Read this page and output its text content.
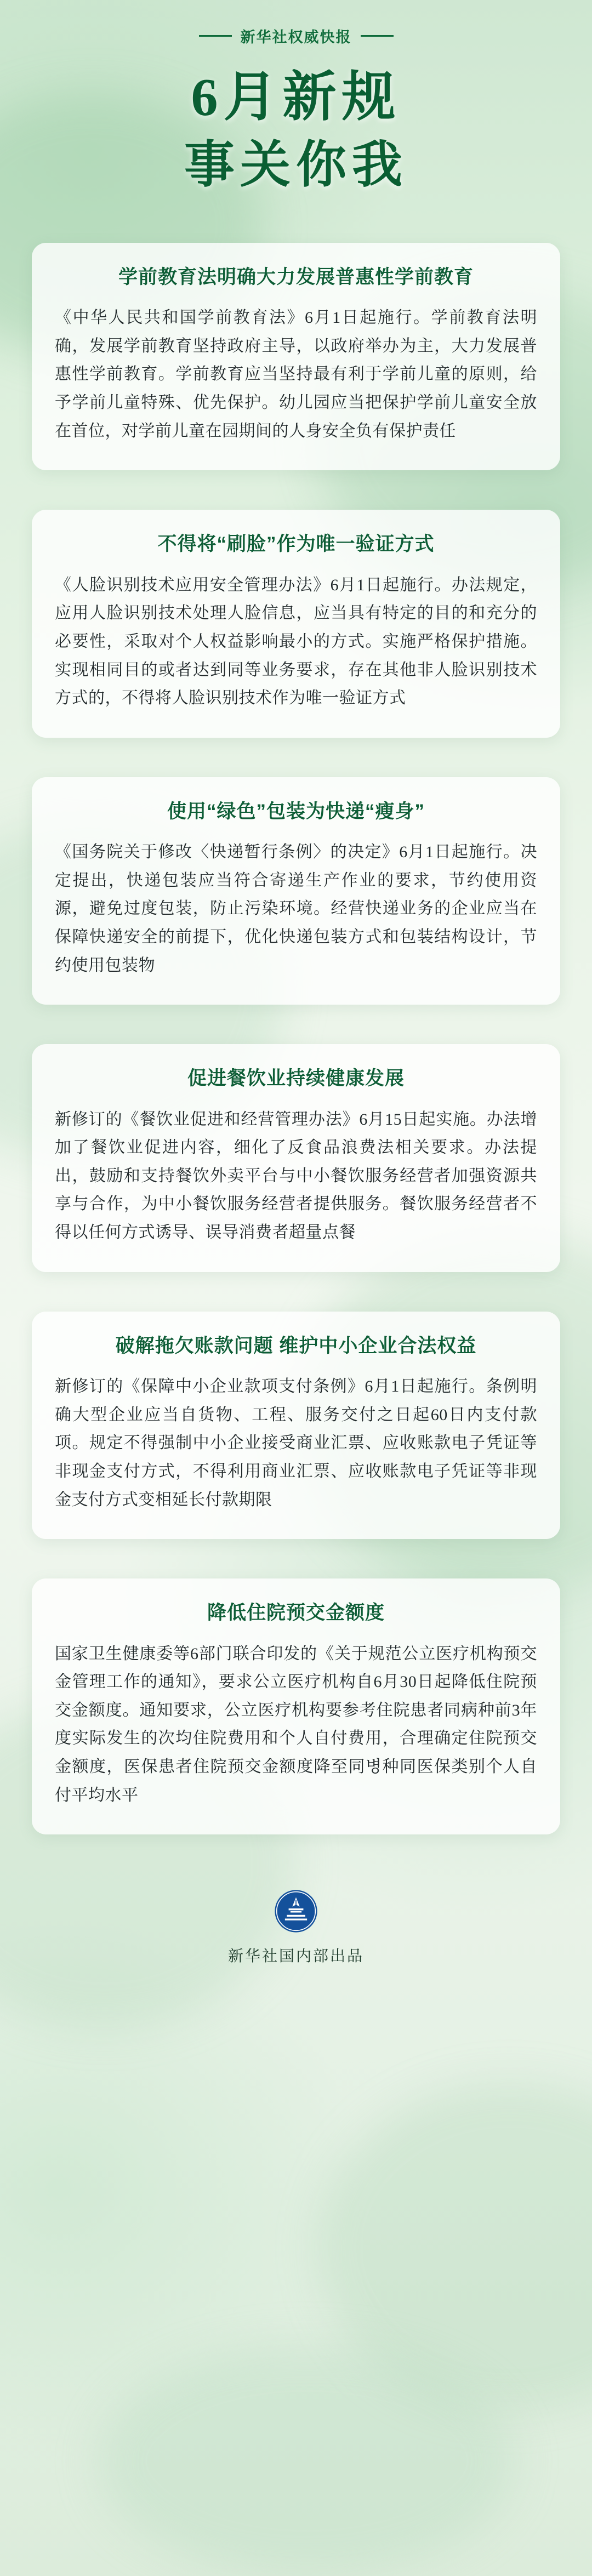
新华社权威快报
6月新规
事关你我
学前教育法明确大力发展普惠性学前教育

《中华人民共和国学前教育法》6月1日起施行。学前教育法明确，发展学前教育坚持政府主导，以政府举办为主，大力发展普惠性学前教育。学前教育应当坚持最有利于学前儿童的原则，给予学前儿童特殊、优先保护。幼儿园应当把保护学前儿童安全放在首位，对学前儿童在园期间的人身安全负有保护责任

不得将“刷脸”作为唯一验证方式

《人脸识别技术应用安全管理办法》6月1日起施行。办法规定，应用人脸识别技术处理人脸信息，应当具有特定的目的和充分的必要性，采取对个人权益影响最小的方式。实施严格保护措施。实现相同目的或者达到同等业务要求，存在其他非人脸识别技术方式的，不得将人脸识别技术作为唯一验证方式

使用“绿色”包装为快递“瘦身”

《国务院关于修改〈快递暂行条例〉的决定》6月1日起施行。决定提出，快递包装应当符合寄递生产作业的要求，节约使用资源，避免过度包装，防止污染环境。经营快递业务的企业应当在保障快递安全的前提下，优化快递包装方式和包装结构设计，节约使用包装物

促进餐饮业持续健康发展

新修订的《餐饮业促进和经营管理办法》6月15日起实施。办法增加了餐饮业促进内容，细化了反食品浪费法相关要求。办法提出，鼓励和支持餐饮外卖平台与中小餐饮服务经营者加强资源共享与合作，为中小餐饮服务经营者提供服务。餐饮服务经营者不得以任何方式诱导、误导消费者超量点餐

破解拖欠账款问题 维护中小企业合法权益

新修订的《保障中小企业款项支付条例》6月1日起施行。条例明确大型企业应当自货物、工程、服务交付之日起60日内支付款项。规定不得强制中小企业接受商业汇票、应收账款电子凭证等非现金支付方式，不得利用商业汇票、应收账款电子凭证等非现金支付方式变相延长付款期限

降低住院预交金额度

国家卫生健康委等6部门联合印发的《关于规范公立医疗机构预交金管理工作的通知》，要求公立医疗机构自6月30日起降低住院预交金额度。通知要求，公立医疗机构要参考住院患者同病种前3年度实际发生的次均住院费用和个人自付费用，合理确定住院预交金额度，医保患者住院预交金额度降至同병种同医保类别个人自付平均水平

新华社国内部出品
